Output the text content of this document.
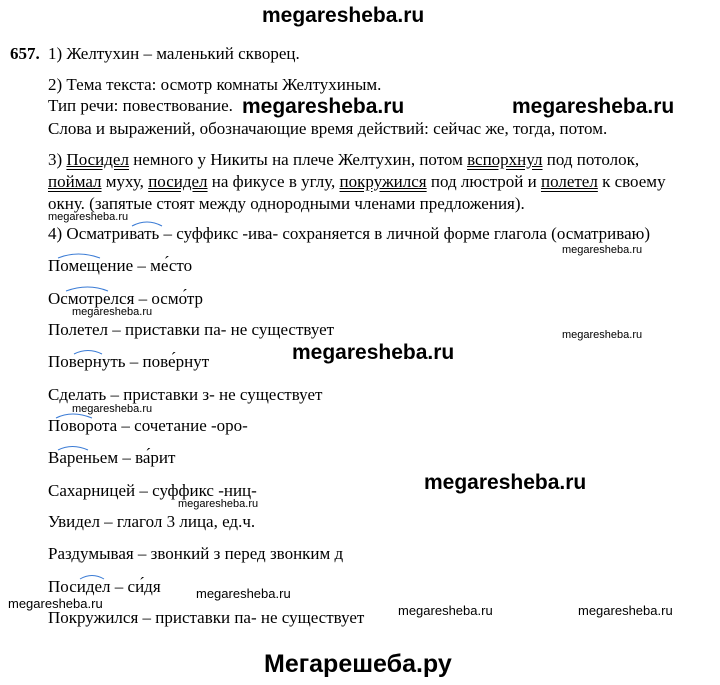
megaresheba.ru
657. 1) Желтухин – маленький скворец.
2) Тема текста: осмотр комнаты Желтухиным.
Тип речи: повествование.
Слова и выражений, обозначающие время действий: сейчас же, тогда, потом.
3) Посидел немного у Никиты на плече Желтухин, потом вспорхнул под потолок,
поймал муху, посидел на фикусе в углу, покружился под люстрой и полетел к своему
окну. (запятые стоят между однородными членами предложения).
4) Осматривать – суффикс -ива- сохраняется в личной форме глагола (осматриваю)
Помещение – ме́сто
Осмотрелся – осмо́тр
Полетел – приставки па- не существует
Повернуть – пове́рнут
Сделать – приставки з- не существует
Поворота – сочетание -оро-
Вареньем – ва́рит
Сахарницей – суффикс -ниц-
Увидел – глагол 3 лица, ед.ч.
Раздумывая – звонкий з перед звонким д
Посидел – си́дя
Покружился – приставки па- не существует
megaresheba.ru	megaresheba.ru
megaresheba.ru
megaresheba.ru
megaresheba.ru
megaresheba.ru
megaresheba.ru
megaresheba.ru
megaresheba.ru
megaresheba.ru
megaresheba.ru
megaresheba.ru	megaresheba.ru	megaresheba.ru
Мегарешеба.ру
